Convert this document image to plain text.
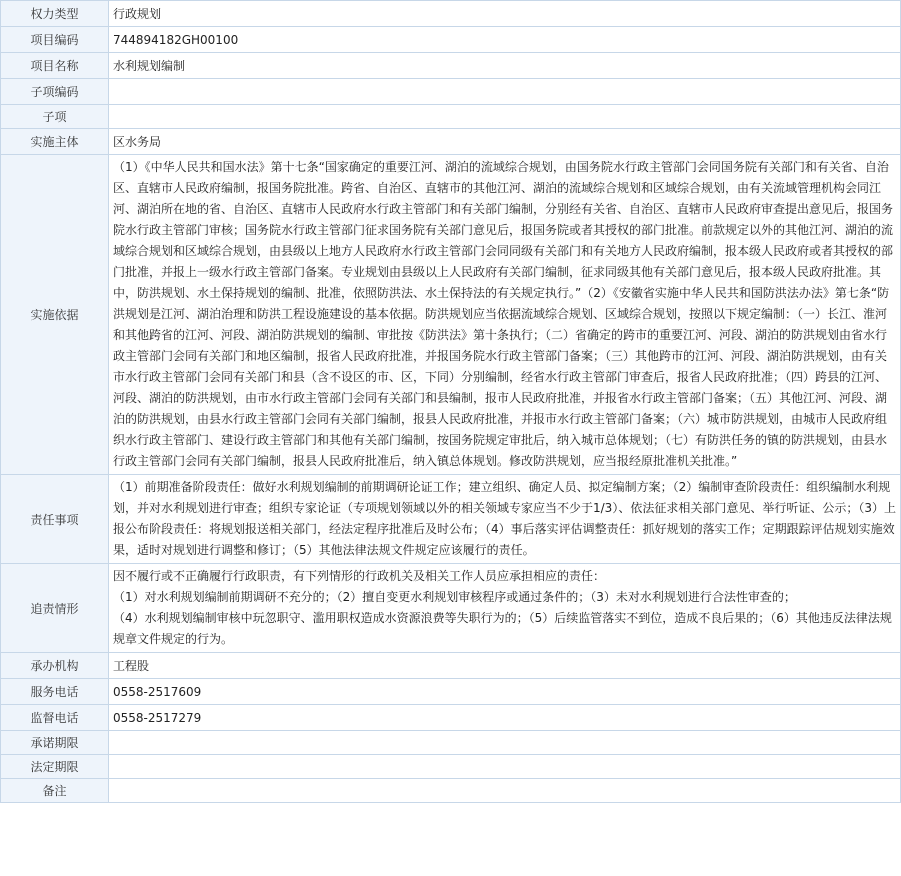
权力类型	行政规划
项目编码	744894182GH00100
项目名称	水利规划编制
子项编码	
子项	
实施主体	区水务局
实施依据	（1）《中华人民共和国水法》第十七条“国家确定的重要江河、湖泊的流域综合规划，由国务院水行政主管部门会同国务院有关部门和有关省、自治区、直辖市人民政府编制，报国务院批准。跨省、自治区、直辖市的其他江河、湖泊的流域综合规划和区域综合规划，由有关流域管理机构会同江河、湖泊所在地的省、自治区、直辖市人民政府水行政主管部门和有关部门编制，分别经有关省、自治区、直辖市人民政府审查提出意见后，报国务院水行政主管部门审核；国务院水行政主管部门征求国务院有关部门意见后，报国务院或者其授权的部门批准。前款规定以外的其他江河、湖泊的流域综合规划和区域综合规划，由县级以上地方人民政府水行政主管部门会同同级有关部门和有关地方人民政府编制，报本级人民政府或者其授权的部门批准，并报上一级水行政主管部门备案。专业规划由县级以上人民政府有关部门编制，征求同级其他有关部门意见后，报本级人民政府批准。其中，防洪规划、水土保持规划的编制、批准，依照防洪法、水土保持法的有关规定执行。”（2）《安徽省实施中华人民共和国防洪法办法》第七条“防洪规划是江河、湖泊治理和防洪工程设施建设的基本依据。防洪规划应当依据流域综合规划、区域综合规划，按照以下规定编制：（一）长江、淮河和其他跨省的江河、河段、湖泊防洪规划的编制、审批按《防洪法》第十条执行；（二）省确定的跨市的重要江河、河段、湖泊的防洪规划由省水行政主管部门会同有关部门和地区编制，报省人民政府批准，并报国务院水行政主管部门备案；（三）其他跨市的江河、河段、湖泊防洪规划，由有关市水行政主管部门会同有关部门和县（含不设区的市、区，下同）分别编制，经省水行政主管部门审查后，报省人民政府批准；（四）跨县的江河、河段、湖泊的防洪规划，由市水行政主管部门会同有关部门和县编制，报市人民政府批准，并报省水行政主管部门备案；（五）其他江河、河段、湖泊的防洪规划，由县水行政主管部门会同有关部门编制，报县人民政府批准，并报市水行政主管部门备案；（六）城市防洪规划，由城市人民政府组织水行政主管部门、建设行政主管部门和其他有关部门编制，按国务院规定审批后，纳入城市总体规划；（七）有防洪任务的镇的防洪规划，由县水行政主管部门会同有关部门编制，报县人民政府批准后，纳入镇总体规划。修改防洪规划，应当报经原批准机关批准。”
责任事项	（1）前期准备阶段责任：做好水利规划编制的前期调研论证工作；建立组织、确定人员、拟定编制方案；（2）编制审查阶段责任：组织编制水利规划，并对水利规划进行审查；组织专家论证（专项规划领域以外的相关领域专家应当不少于1/3）、依法征求相关部门意见、举行听证、公示；（3）上报公布阶段责任：将规划报送相关部门，经法定程序批准后及时公布；（4）事后落实评估调整责任：抓好规划的落实工作；定期跟踪评估规划实施效果，适时对规划进行调整和修订；（5）其他法律法规文件规定应该履行的责任。
追责情形	因不履行或不正确履行行政职责，有下列情形的行政机关及相关工作人员应承担相应的责任：

（1）对水利规划编制前期调研不充分的；（2）擅自变更水利规划审核程序或通过条件的；（3）未对水利规划进行合法性审查的；

（4）水利规划编制审核中玩忽职守、滥用职权造成水资源浪费等失职行为的；（5）后续监管落实不到位，造成不良后果的；（6）其他违反法律法规规章文件规定的行为。

承办机构	工程股
服务电话	0558-2517609
监督电话	0558-2517279
承诺期限	
法定期限	
备注	
